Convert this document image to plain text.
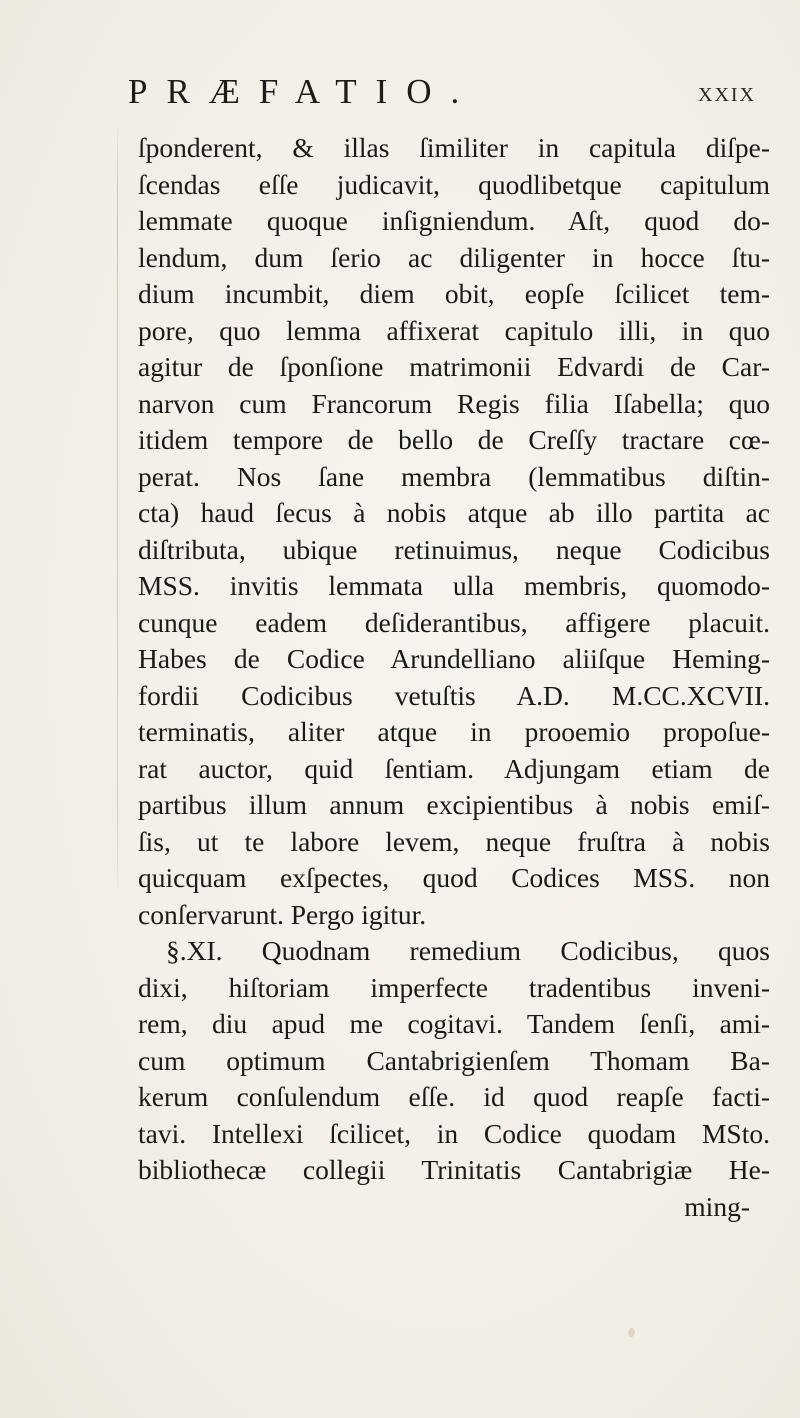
PRÆFATIO.	XXIX
ſponderent, & illas ſimiliter in capitula diſpe-
ſcendas eſſe judicavit, quodlibetque capitulum
lemmate quoque inſigniendum. Aſt, quod do-
lendum, dum ſerio ac diligenter in hocce ſtu-
dium incumbit, diem obit, eopſe ſcilicet tem-
pore, quo lemma affixerat capitulo illi, in quo
agitur de ſponſione matrimonii Edvardi de Car-
narvon cum Francorum Regis filia Iſabella; quo
itidem tempore de bello de Creſſy tractare cœ-
perat. Nos ſane membra (lemmatibus diſtin-
cta) haud ſecus à nobis atque ab illo partita ac
diſtributa, ubique retinuimus, neque Codicibus
MSS. invitis lemmata ulla membris, quomodo-
cunque eadem deſiderantibus, affigere placuit.
Habes de Codice Arundelliano aliiſque Heming-
fordii Codicibus vetuſtis A.D. M.CC.XCVII.
terminatis, aliter atque in prooemio propoſue-
rat auctor, quid ſentiam. Adjungam etiam de
partibus illum annum excipientibus à nobis emiſ-
ſis, ut te labore levem, neque fruſtra à nobis
quicquam exſpectes, quod Codices MSS. non
conſervarunt. Pergo igitur.
§.XI. Quodnam remedium Codicibus, quos
dixi, hiſtoriam imperfecte tradentibus inveni-
rem, diu apud me cogitavi. Tandem ſenſi, ami-
cum optimum Cantabrigienſem Thomam Ba-
kerum conſulendum eſſe. id quod reapſe facti-
tavi. Intellexi ſcilicet, in Codice quodam MSto.
bibliothecæ collegii Trinitatis Cantabrigiæ He-
ming-
